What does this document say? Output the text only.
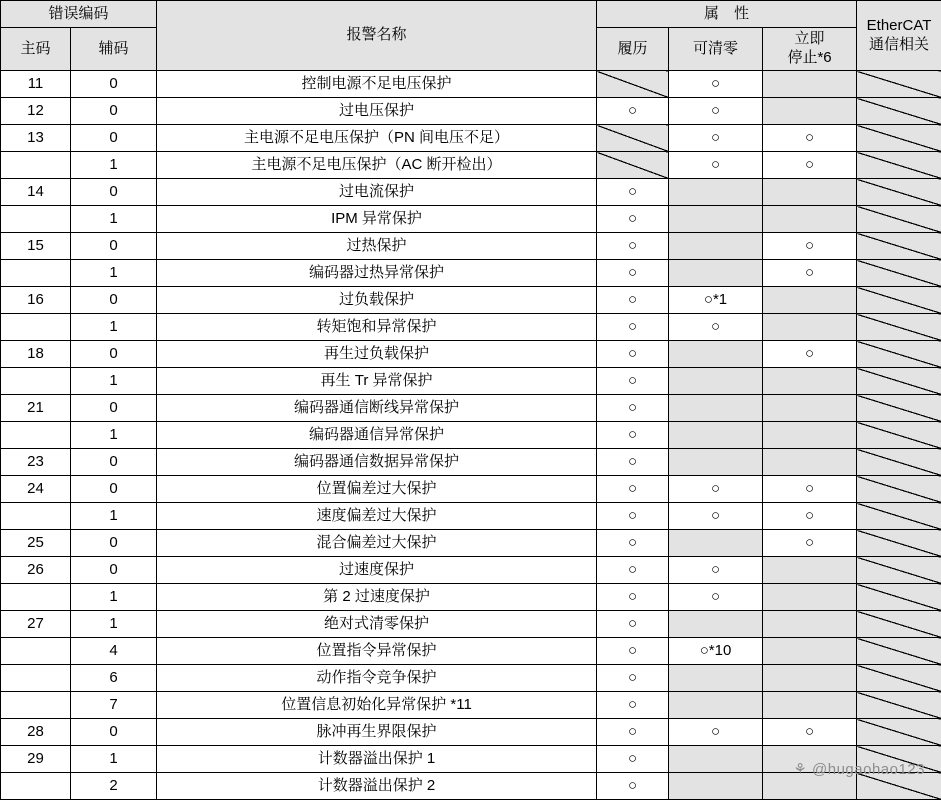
错误编码		报警名称	属　性			EtherCAT
通信相关

主码	辅码		履历	可清零	立即
停止*6	

11	0	控制电源不足电压保护		○		
12	0	过电压保护	○	○		
13	0	主电源不足电压保护（PN 间电压不足）		○	○	
	1	主电源不足电压保护（AC 断开检出）		○	○	
14	0	过电流保护	○			
	1	IPM 异常保护	○			
15	0	过热保护	○		○	
	1	编码器过热异常保护	○		○	
16	0	过负载保护	○	○*1		
	1	转矩饱和异常保护	○	○		
18	0	再生过负载保护	○		○	
	1	再生 Tr 异常保护	○			
21	0	编码器通信断线异常保护	○			
	1	编码器通信异常保护	○			
23	0	编码器通信数据异常保护	○			
24	0	位置偏差过大保护	○	○	○	
	1	速度偏差过大保护	○	○	○	
25	0	混合偏差过大保护	○		○	
26	0	过速度保护	○	○		
	1	第 2 过速度保护	○	○		
27	1	绝对式清零保护	○			
	4	位置指令异常保护	○	○*10		
	6	动作指令竞争保护	○			
	7	位置信息初始化异常保护 *11	○			
28	0	脉冲再生界限保护	○	○	○	
29	1	计数器溢出保护 1	○			
	2	计数器溢出保护 2	○			
⚘ @hugaohao123
